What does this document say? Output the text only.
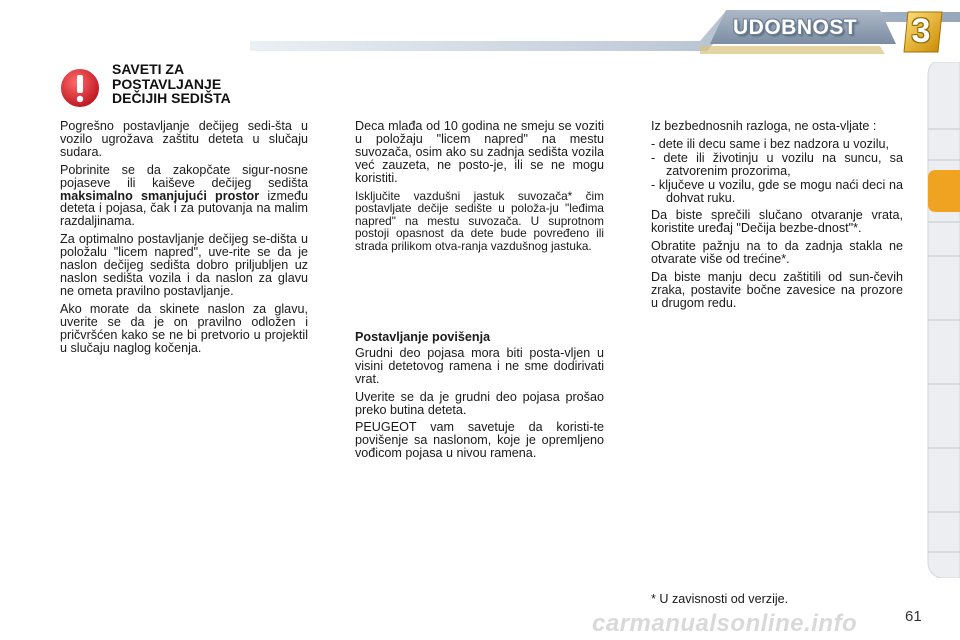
UDOBNOST 3
SAVETI ZA
POSTAVLJANJE
DEČIJIH SEDIŠTA

Pogrešno postavljanje dečijeg sedi-šta u vozilo ugrožava zaštitu deteta u slučaju sudara.

Pobrinite se da zakopčate sigur-nosne pojaseve ili kaiševe dečijeg sedišta maksimalno smanjujući prostor između deteta i pojasa, čak i za putovanja na malim razdaljinama.

Za optimalno postavljanje dečijeg se-dišta u položalu "licem napred", uve-rite se da je naslon dečijeg sedišta dobro priljubljen uz naslon sedišta vozila i da naslon za glavu ne ometa pravilno postavljanje.

Ako morate da skinete naslon za glavu, uverite se da je on pravilno odložen i pričvršćen kako se ne bi pretvorio u projektil u slučaju naglog kočenja.

Deca mlađa od 10 godina ne smeju se voziti u položaju "licem napred" na mestu suvozača, osim ako su zadnja sedišta vozila već zauzeta, ne posto-je, ili se ne mogu koristiti.

Isključite vazdušni jastuk suvozača* čim postavljate dečije sedište u položa-ju "leđima napred" na mestu suvozača. U suprotnom postoji opasnost da dete bude povređeno ili strada prilikom otva-ranja vazdušnog jastuka.

Postavljanje povišenja

Grudni deo pojasa mora biti posta-vljen u visini detetovog ramena i ne sme dodirivati vrat.

Uverite se da je grudni deo pojasa prošao preko butina deteta.

PEUGEOT vam savetuje da koristi-te povišenje sa naslonom, koje je opremljeno vođicom pojasa u nivou ramena.

Iz bezbednosnih razloga, ne osta-vljate :

- dete ili decu same i bez nadzora u vozilu,
- dete ili životinju u vozilu na suncu, sa zatvorenim prozorima,
- ključeve u vozilu, gde se mogu naći deci na dohvat ruku.

Da biste sprečili slučano otvaranje vrata, koristite uređaj "Dečija bezbe-dnost"*.

Obratite pažnju na to da zadnja stakla ne otvarate više od trećine*.

Da biste manju decu zaštitili od sun-čevih zraka, postavite bočne zavesice na prozore u drugom redu.

* U zavisnosti od verzije.
carmanualsonline.info	61
